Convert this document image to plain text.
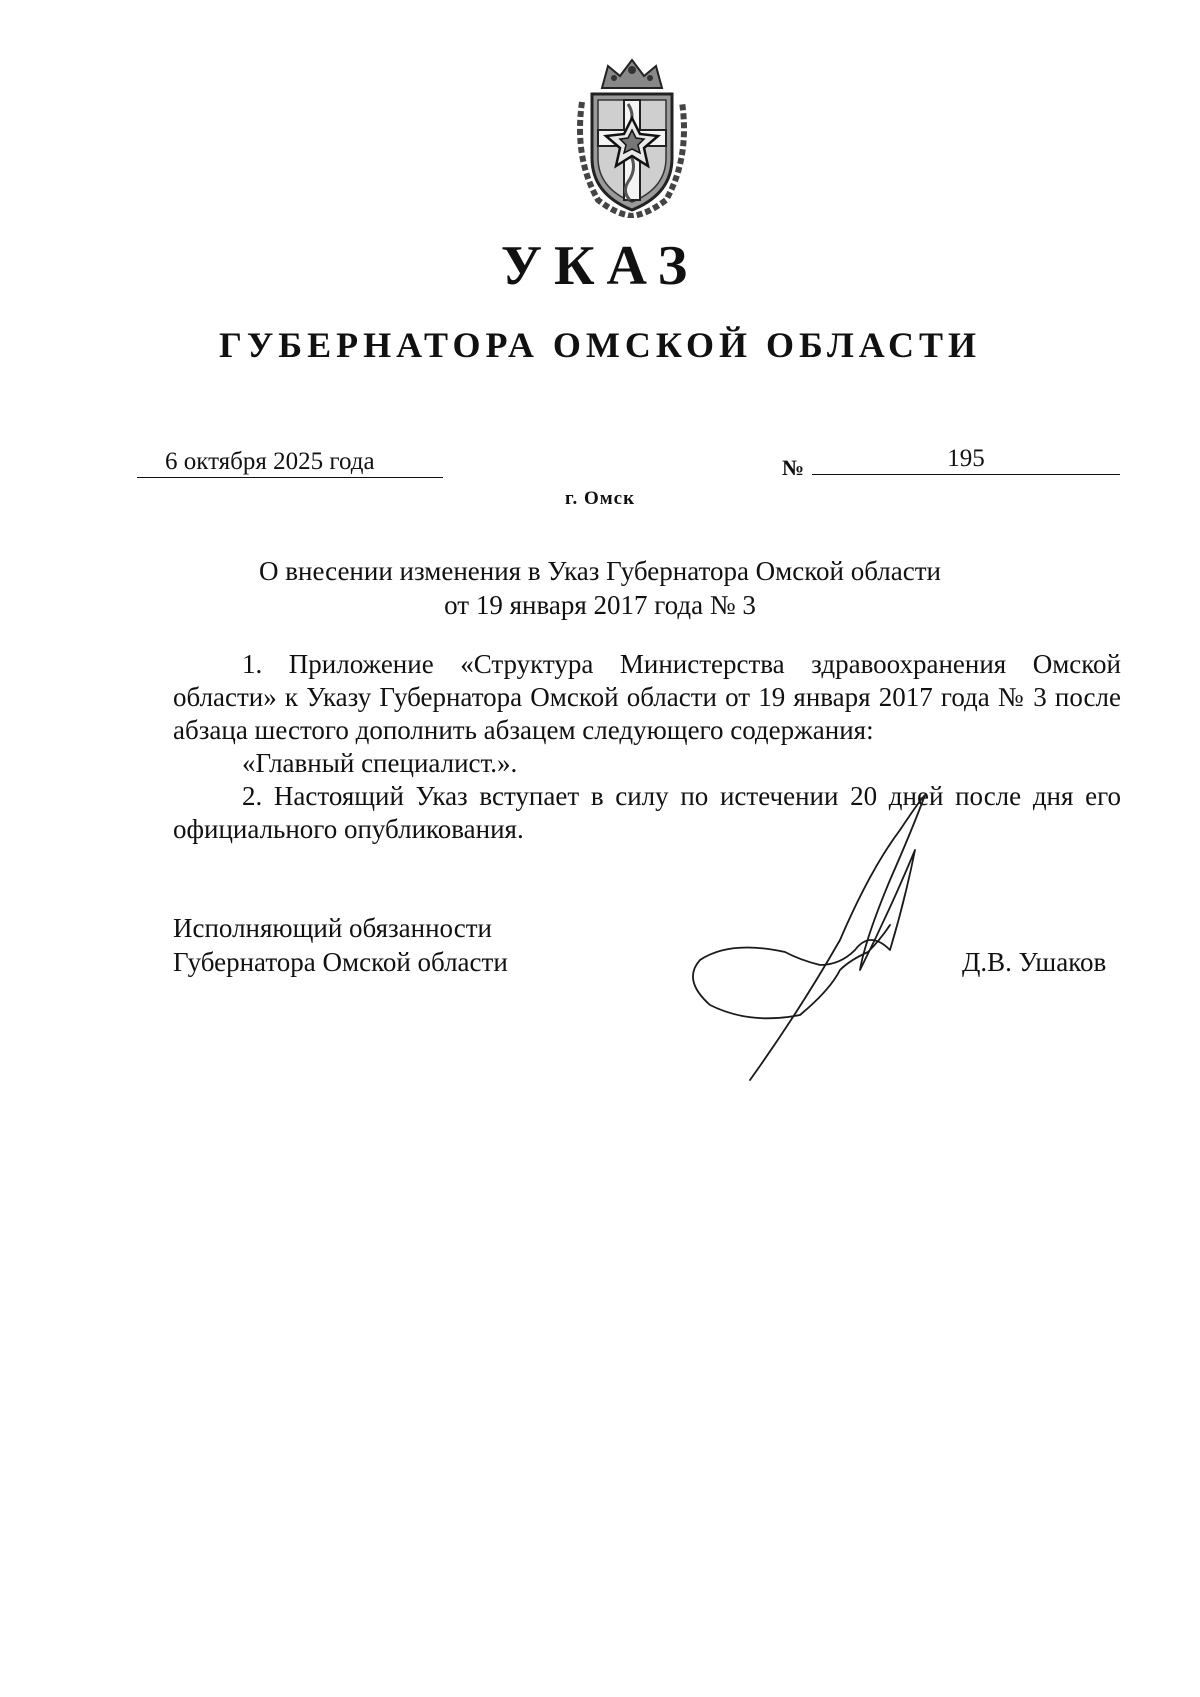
УКАЗ
ГУБЕРНАТОРА ОМСКОЙ ОБЛАСТИ
6 октября 2025 года	№	195
г. Омск
О внесении изменения в Указ Губернатора Омской области
от 19 января 2017 года № 3

1. Приложение «Структура Министерства здравоохранения Омской области» к Указу Губернатора Омской области от 19 января 2017 года № 3 после абзаца шестого дополнить абзацем следующего содержания:

«Главный специалист.».

2. Настоящий Указ вступает в силу по истечении 20 дней после дня его официального опубликования.

Исполняющий обязанности
Губернатора Омской области	Д.В. Ушаков
